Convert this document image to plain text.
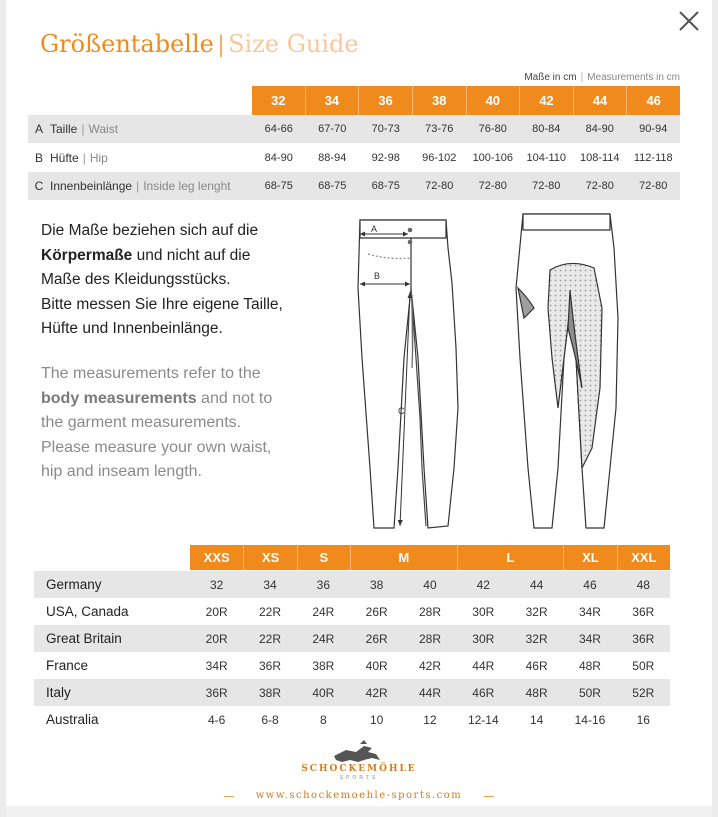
Größentabelle | Size Guide
Maße in cm | Measurements in cm
32	34	36	38	40	42	44	46
A Taille | Waist	64-66	67-70	70-73	73-76	76-80	80-84	84-90	90-94
B Hüfte | Hip	84-90	88-94	92-98	96-102	100-106	104-110	108-114	112-118
C Innenbeinlänge | Inside leg lenght	68-75	68-75	68-75	72-80	72-80	72-80	72-80	72-80
Die Maße beziehen sich auf die
Körpermaße und nicht auf die
Maße des Kleidungsstücks.
Bitte messen Sie Ihre eigene Taille,
Hüfte und Innenbeinlänge.
The measurements refer to the
body measurements and not to
the garment measurements.
Please measure your own waist,
hip and inseam length.
A
B
C
XXS	XS	S	M	L	XL	XXL
Germany	32	34	36	38	40	42	44	46	48
USA, Canada	20R	22R	24R	26R	28R	30R	32R	34R	36R
Great Britain	20R	22R	24R	26R	28R	30R	32R	34R	36R
France	34R	36R	38R	40R	42R	44R	46R	48R	50R
Italy	36R	38R	40R	42R	44R	46R	48R	50R	52R
Australia	4-6	6-8	8	10	12	12-14	14	14-16	16
SCHOCKEMÖHLE
SPORTS
www.schockemoehle-sports.com
